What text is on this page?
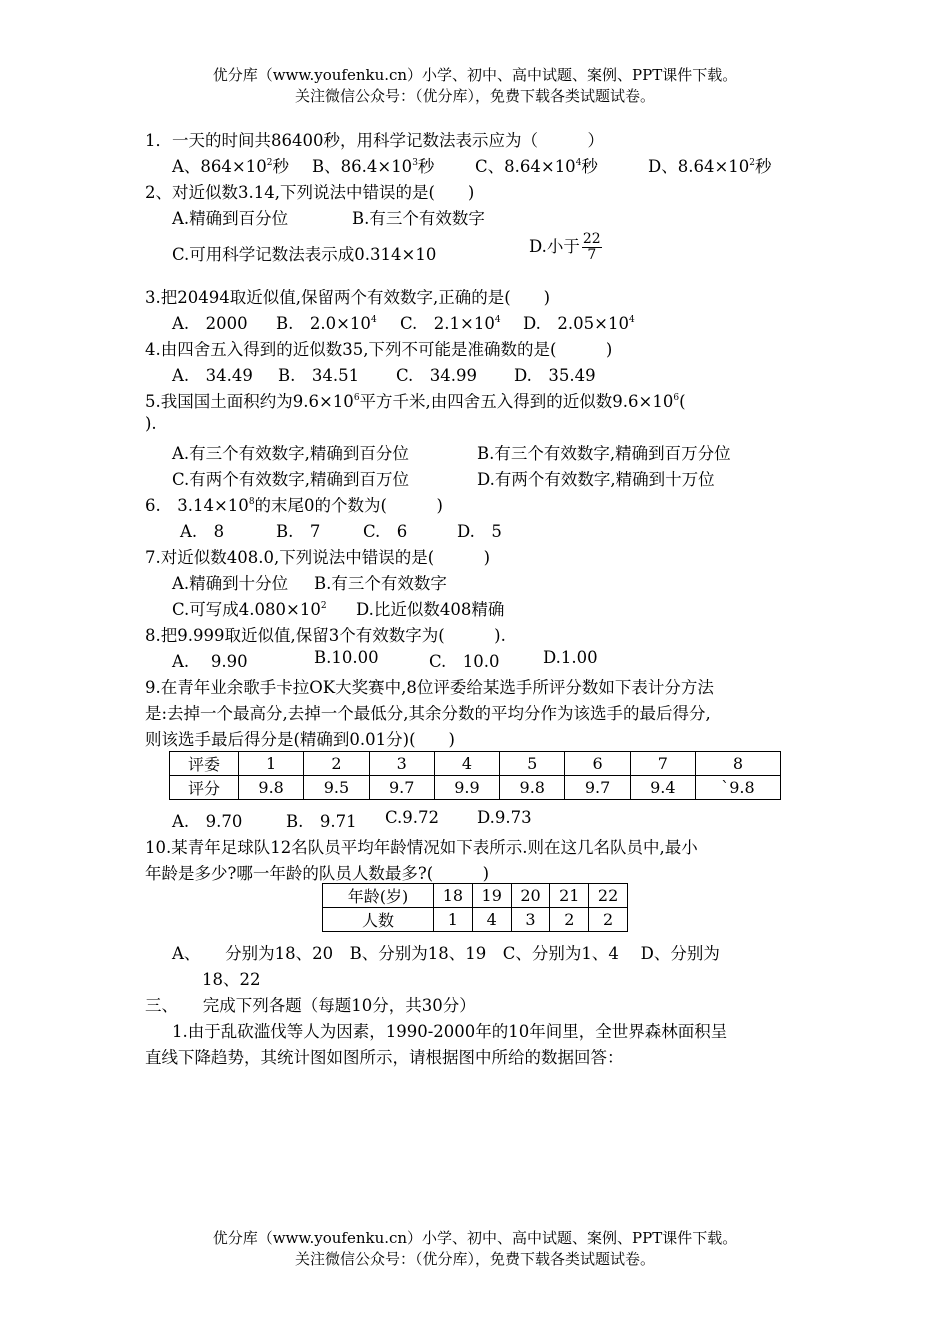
优分库（www.youfenku.cn）小学、初中、高中试题、案例、PPT课件下载。
关注微信公众号：（优分库），免费下载各类试题试卷。
1．一天的时间共86400秒，用科学记数法表示应为（　　　）
A、$864\times 10^2$秒 B、$86.4\times 10^3$秒 C、$8.64\times 10^4$秒	D、$8.64\times 10^2$秒
2、对近似数3.14,下列说法中错误的是(　　)
A.精确到百分位	B.有三个有效数字
C.可用科学记数法表示成0.314×10	D.小于 $\frac{22}{7}$
3.把20494取近似值,保留两个有效数字,正确的是(　　)
A.　2000 B.　$2.0\times 10^4$ C.　$2.1\times 10^4$ D.　$2.05\times 10^4$
4.由四舍五入得到的近似数35,下列不可能是准确数的是(　　　)
A.　34.49 B.　34.51 C.　34.99 D.　35.49
5.我国国土面积约为$9.6\times 10^6$平方千米,由四舍五入得到的近似数$9.6\times 10^6$(
).
A.有三个有效数字,精确到百分位	B.有三个有效数字,精确到百万分位
C.有两个有效数字,精确到百万位	D.有两个有效数字,精确到十万位
6.　$3.14\times 10^8$的末尾0的个数为(　　　)
A.　8	B.　7	C.　6	D.　5
7.对近似数408.0,下列说法中错误的是(　　　)
A.精确到十分位 B.有三个有效数字
C.可写成$4.080\times 10^2$ D.比近似数408精确
8.把9.999取近似值,保留3个有效数字为(　　　).
A.　 9.90	B.10.00	C.　10.0	D.1.00
9.在青年业余歌手卡拉OK大奖赛中,8位评委给某选手所评分数如下表计分方法
是:去掉一个最高分,去掉一个最低分,其余分数的平均分作为该选手的最后得分,
则该选手最后得分是(精确到0.01分)(　　)
评委	1	2	3	4	5	6	7	8
评分	9.8	9.5	9.7	9.9	9.8	9.7	9.4	`9.8
A.　9.70	B.　9.71 C.9.72 D.9.73
10.某青年足球队12名队员平均年龄情况如下表所示.则在这几名队员中,最小
年龄是多少?哪一年龄的队员人数最多?(　　　)
年龄(岁)	18	19	20	21	22
人数	1	4	3	2	2
A、　　分别为18、20　B、分别为18、19　C、分别为1、4　 D、分别为
18、22
三、　　完成下列各题（每题10分，共30分）
1.由于乱砍滥伐等人为因素，1990-2000年的10年间里，全世界森林面积呈
直线下降趋势，其统计图如图所示，请根据图中所给的数据回答：
优分库（www.youfenku.cn）小学、初中、高中试题、案例、PPT课件下载。
关注微信公众号：（优分库），免费下载各类试题试卷。
